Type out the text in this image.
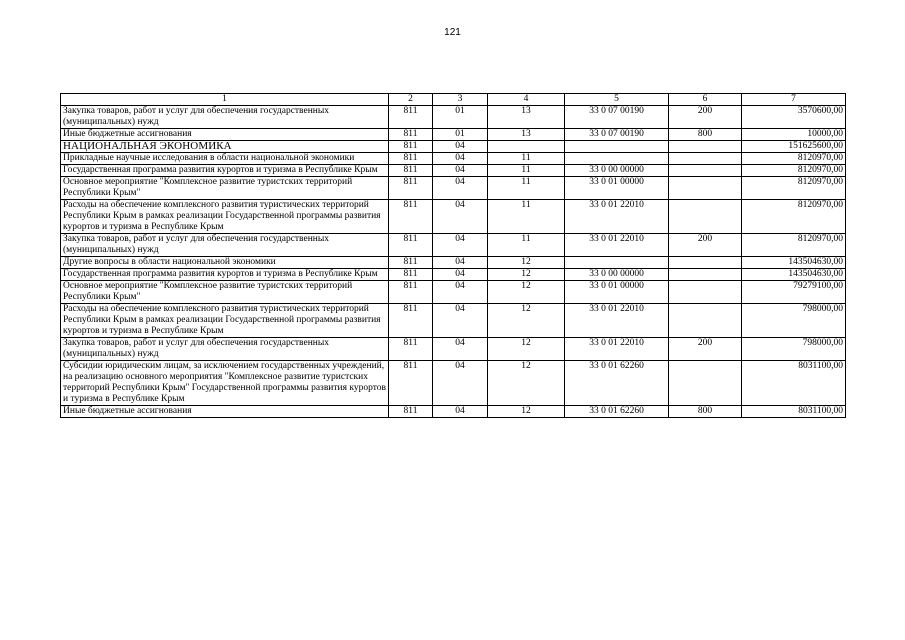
121
1	2	3	4	5	6	7
Закупка товаров, работ и услуг для обеспечения государственных (муниципальных) нужд	811	01	13	33 0 07 00190	200	3570600,00
Иные бюджетные ассигнования	811	01	13	33 0 07 00190	800	10000,00
НАЦИОНАЛЬНАЯ ЭКОНОМИКА	811	04				151625600,00
Прикладные научные исследования в области национальной экономики	811	04	11			8120970,00
Государственная программа развития курортов и туризма в Республике Крым	811	04	11	33 0 00 00000		8120970,00
Основное мероприятие "Комплексное развитие туристских территорий Республики Крым"	811	04	11	33 0 01 00000		8120970,00
Расходы на обеспечение комплексного развития туристических территорий Республики Крым в рамках реализации Государственной программы развития курортов и туризма в Республике Крым	811	04	11	33 0 01 22010		8120970,00
Закупка товаров, работ и услуг для обеспечения государственных (муниципальных) нужд	811	04	11	33 0 01 22010	200	8120970,00
Другие вопросы в области национальной экономики	811	04	12			143504630,00
Государственная программа развития курортов и туризма в Республике Крым	811	04	12	33 0 00 00000		143504630,00
Основное мероприятие "Комплексное развитие туристских территорий Республики Крым"	811	04	12	33 0 01 00000		79279100,00
Расходы на обеспечение комплексного развития туристических территорий Республики Крым в рамках реализации Государственной программы развития курортов и туризма в Республике Крым	811	04	12	33 0 01 22010		798000,00
Закупка товаров, работ и услуг для обеспечения государственных (муниципальных) нужд	811	04	12	33 0 01 22010	200	798000,00
Субсидии юридическим лицам, за исключением государственных учреждений, на реализацию основного мероприятия "Комплексное развитие туристских территорий Республики Крым" Государственной программы развития курортов и туризма в Республике Крым	811	04	12	33 0 01 62260		8031100,00
Иные бюджетные ассигнования	811	04	12	33 0 01 62260	800	8031100,00
